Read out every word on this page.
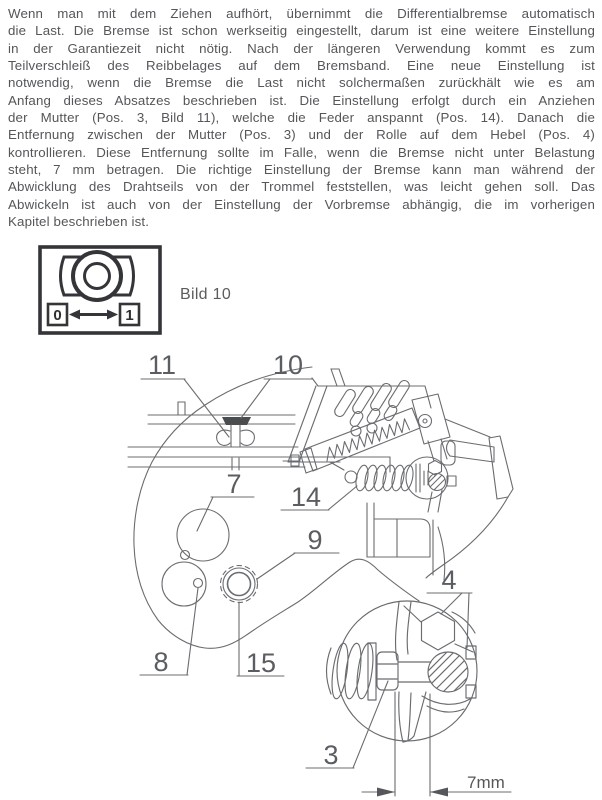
Wenn man mit dem Ziehen aufhört, übernimmt die Differentialbremse automatisch
die Last. Die Bremse ist schon werkseitig eingestellt, darum ist eine weitere Einstellung
in der Garantiezeit nicht nötig. Nach der längeren Verwendung kommt es zum
Teilverschleiß des Reibbelages auf dem Bremsband. Eine neue Einstellung ist
notwendig, wenn die Bremse die Last nicht solchermaßen zurückhält wie es am
Anfang dieses Absatzes beschrieben ist. Die Einstellung erfolgt durch ein Anziehen
der Mutter (Pos. 3, Bild 11), welche die Feder anspannt (Pos. 14). Danach die
Entfernung zwischen der Mutter (Pos. 3) und der Rolle auf dem Hebel (Pos. 4)
kontrollieren. Diese Entfernung sollte im Falle, wenn die Bremse nicht unter Belastung
steht, 7 mm betragen. Die richtige Einstellung der Bremse kann man während der
Abwicklung des Drahtseils von der Trommel feststellen, was leicht gehen soll. Das
Abwickeln ist auch von der Einstellung der Vorbremse abhängig, die im vorherigen
Kapitel beschrieben ist.
0	1
Bild 10
11	10
7 14
9
8	15
4
3
7mm
